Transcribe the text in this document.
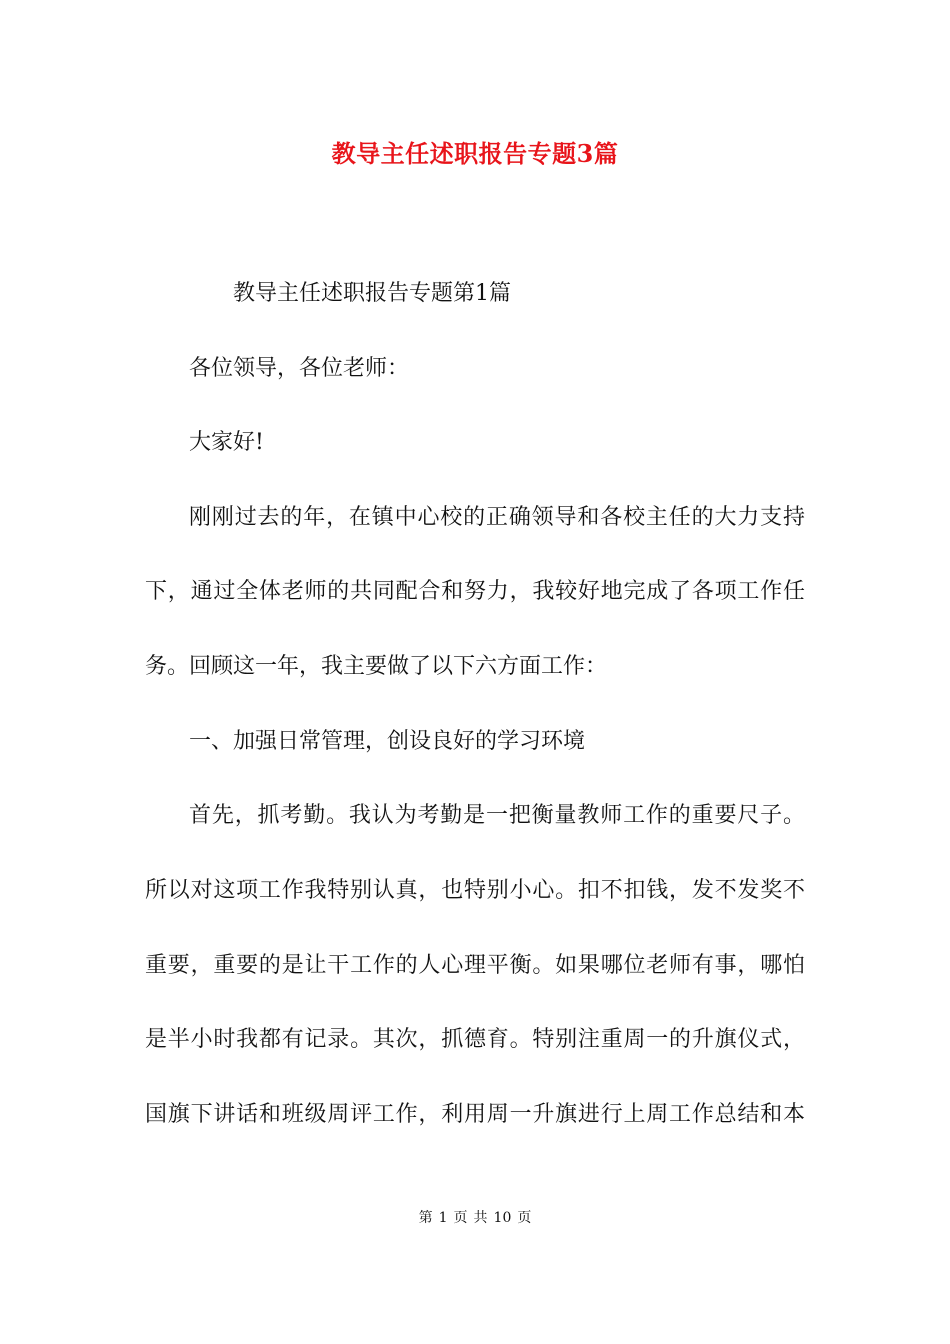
教导主任述职报告专题3篇
教导主任述职报告专题第1篇
各位领导，各位老师：
大家好!
刚刚过去的年，在镇中心校的正确领导和各校主任的大力支持
下，通过全体老师的共同配合和努力，我较好地完成了各项工作任
务。回顾这一年，我主要做了以下六方面工作：
一、加强日常管理，创设良好的学习环境
首先，抓考勤。我认为考勤是一把衡量教师工作的重要尺子。
所以对这项工作我特别认真，也特别小心。扣不扣钱，发不发奖不
重要，重要的是让干工作的人心理平衡。如果哪位老师有事，哪怕
是半小时我都有记录。其次，抓德育。特别注重周一的升旗仪式，
国旗下讲话和班级周评工作，利用周一升旗进行上周工作总结和本
第 1 页 共 10 页
